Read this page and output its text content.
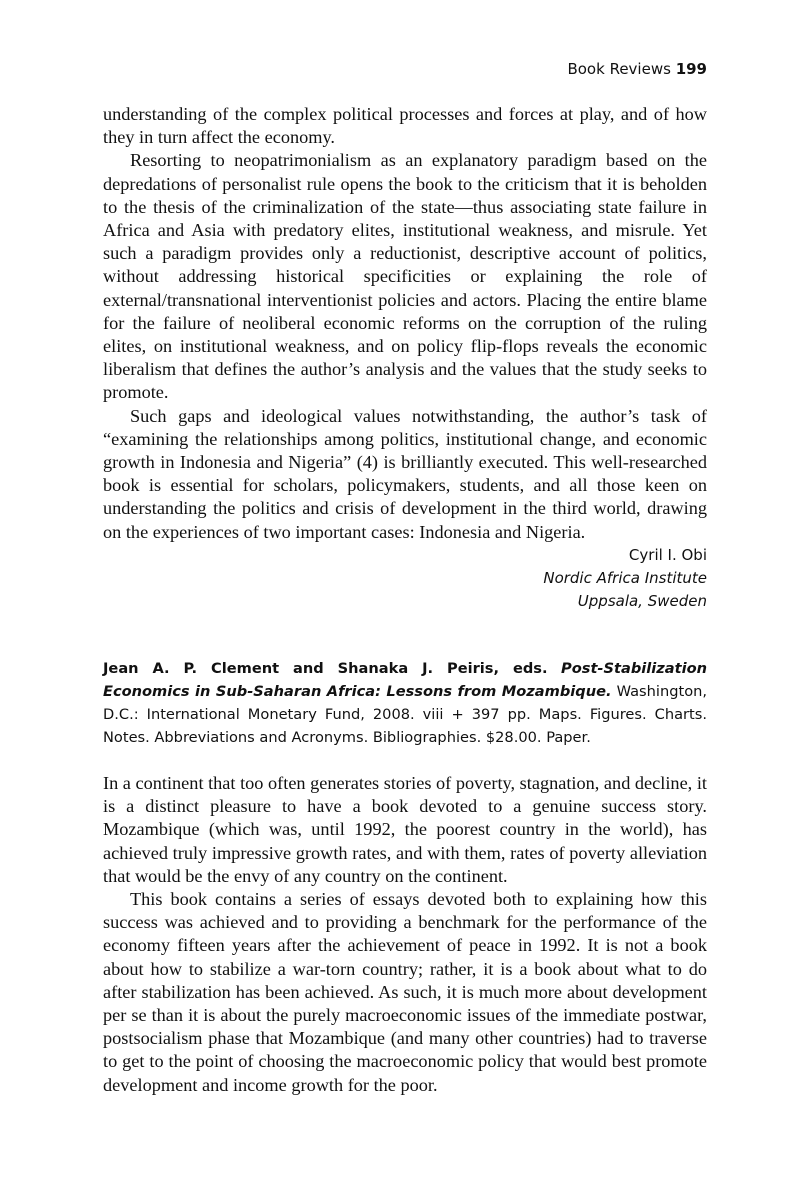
Book Reviews 199

understanding of the complex political processes and forces at play, and of how they in turn affect the economy.

Resorting to neopatrimonialism as an explanatory paradigm based on the depredations of personalist rule opens the book to the criticism that it is beholden to the thesis of the criminalization of the state—thus associating state failure in Africa and Asia with predatory elites, institutional weakness, and misrule. Yet such a paradigm provides only a reductionist, descriptive account of politics, without addressing historical specificities or explaining the role of external/transnational interventionist policies and actors. Placing the entire blame for the failure of neoliberal economic reforms on the corruption of the ruling elites, on institutional weakness, and on policy flip-flops reveals the economic liberalism that defines the author’s analysis and the values that the study seeks to promote.

Such gaps and ideological values notwithstanding, the author’s task of “examining the relationships among politics, institutional change, and economic growth in Indonesia and Nigeria” (4) is brilliantly executed. This well-researched book is essential for scholars, policymakers, students, and all those keen on understanding the politics and crisis of development in the third world, drawing on the experiences of two important cases: Indonesia and Nigeria.

Cyril I. Obi

Nordic Africa Institute

Uppsala, Sweden

Jean A. P. Clement and Shanaka J. Peiris, eds. Post-Stabilization Economics in Sub-Saharan Africa: Lessons from Mozambique. Washington, D.C.: International Monetary Fund, 2008. viii + 397 pp. Maps. Figures. Charts. Notes. Abbreviations and Acronyms. Bibliographies. $28.00. Paper.

In a continent that too often generates stories of poverty, stagnation, and decline, it is a distinct pleasure to have a book devoted to a genuine success story. Mozambique (which was, until 1992, the poorest country in the world), has achieved truly impressive growth rates, and with them, rates of poverty alleviation that would be the envy of any country on the continent.

This book contains a series of essays devoted both to explaining how this success was achieved and to providing a benchmark for the performance of the economy fifteen years after the achievement of peace in 1992. It is not a book about how to stabilize a war-torn country; rather, it is a book about what to do after stabilization has been achieved. As such, it is much more about development per se than it is about the purely macroeconomic issues of the immediate postwar, postsocialism phase that Mozambique (and many other countries) had to traverse to get to the point of choosing the macroeconomic policy that would best promote development and income growth for the poor.
